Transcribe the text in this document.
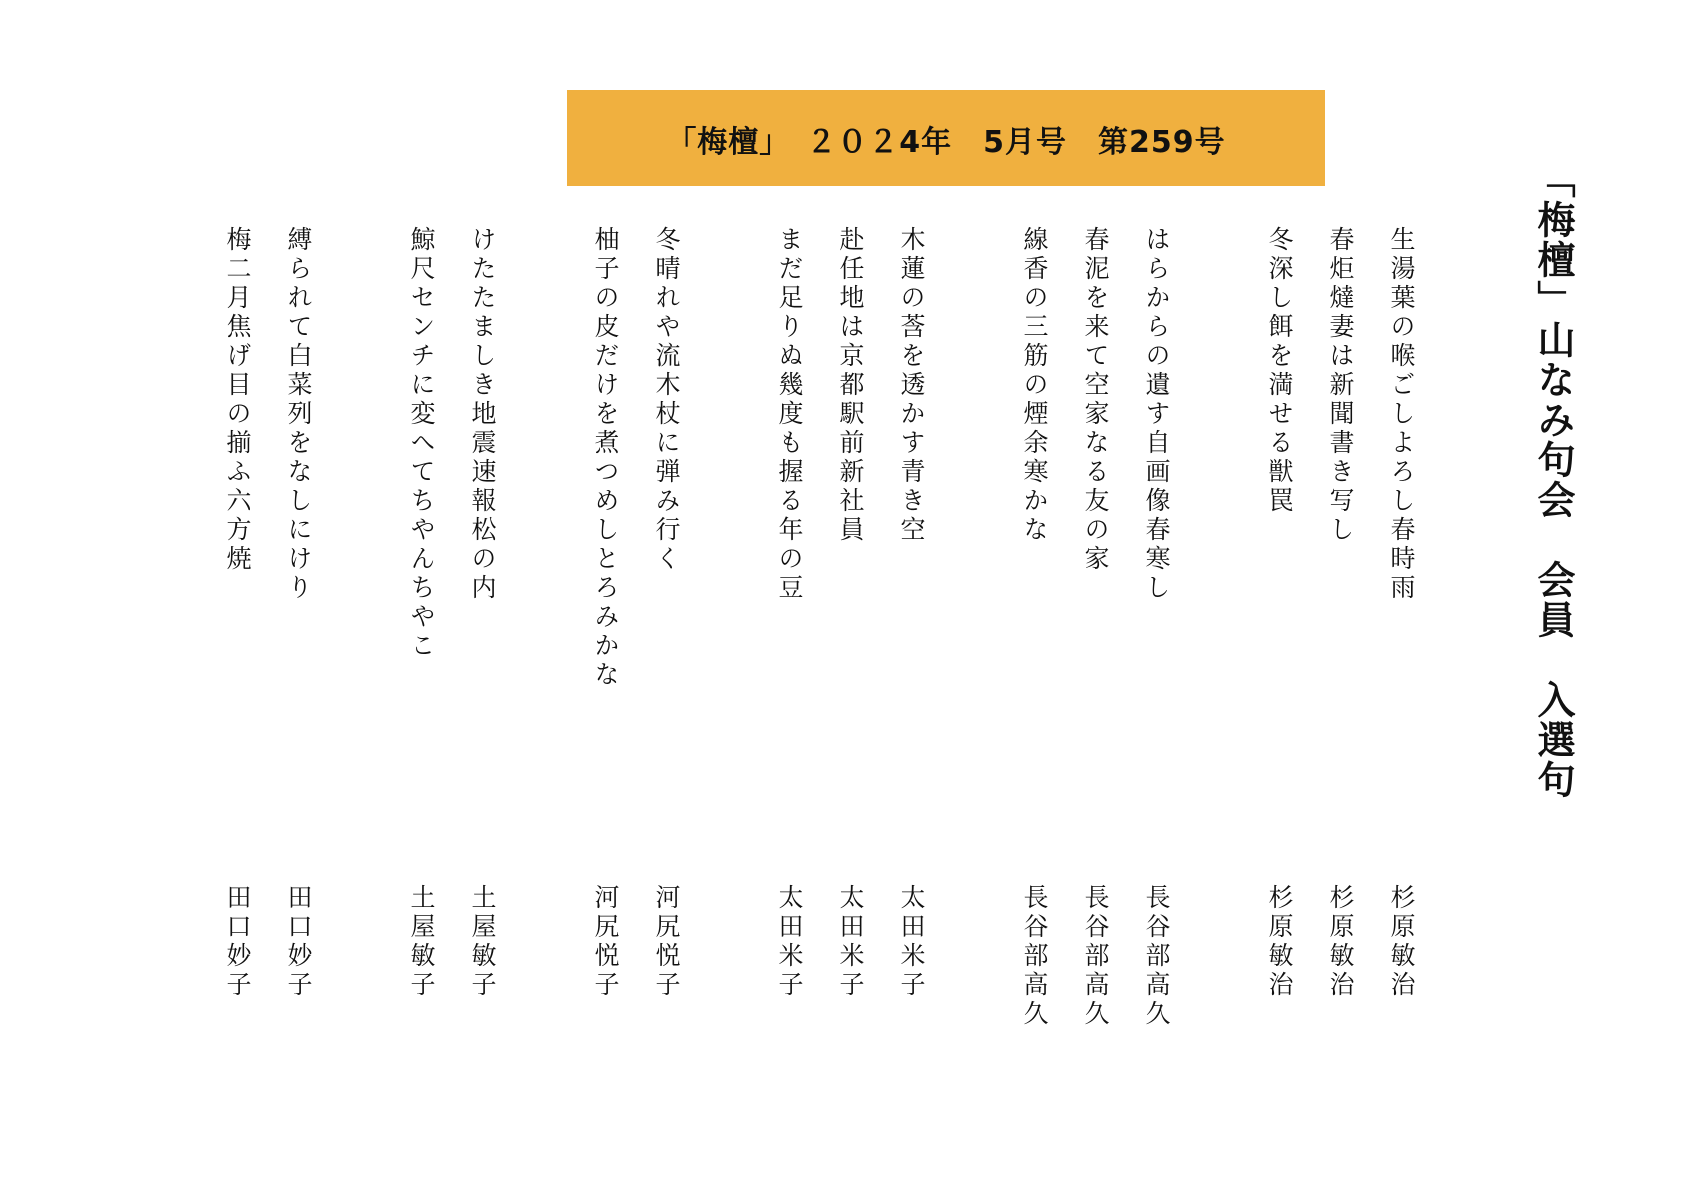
「梅檀」　２０２4年　5月号　第259号
「梅檀」山なみ句会　会員　入選句
生湯葉の喉ごしよろし春時雨
杉原敏治
春炬燵妻は新聞書き写し
杉原敏治
冬深し餌を満せる獣罠
杉原敏治
はらからの遺す自画像春寒し
長谷部高久
春泥を来て空家なる友の家
長谷部高久
線香の三筋の煙余寒かな
長谷部高久
木蓮の莟を透かす青き空
太田米子
赴任地は京都駅前新社員
太田米子
まだ足りぬ幾度も握る年の豆
太田米子
冬晴れや流木杖に弾み行く
河尻悦子
柚子の皮だけを煮つめしとろみかな
河尻悦子
けたたましき地震速報松の内
土屋敏子
鯨尺センチに変へてちやんちやこ
土屋敏子
縛られて白菜列をなしにけり
田口妙子
梅二月焦げ目の揃ふ六方焼
田口妙子
